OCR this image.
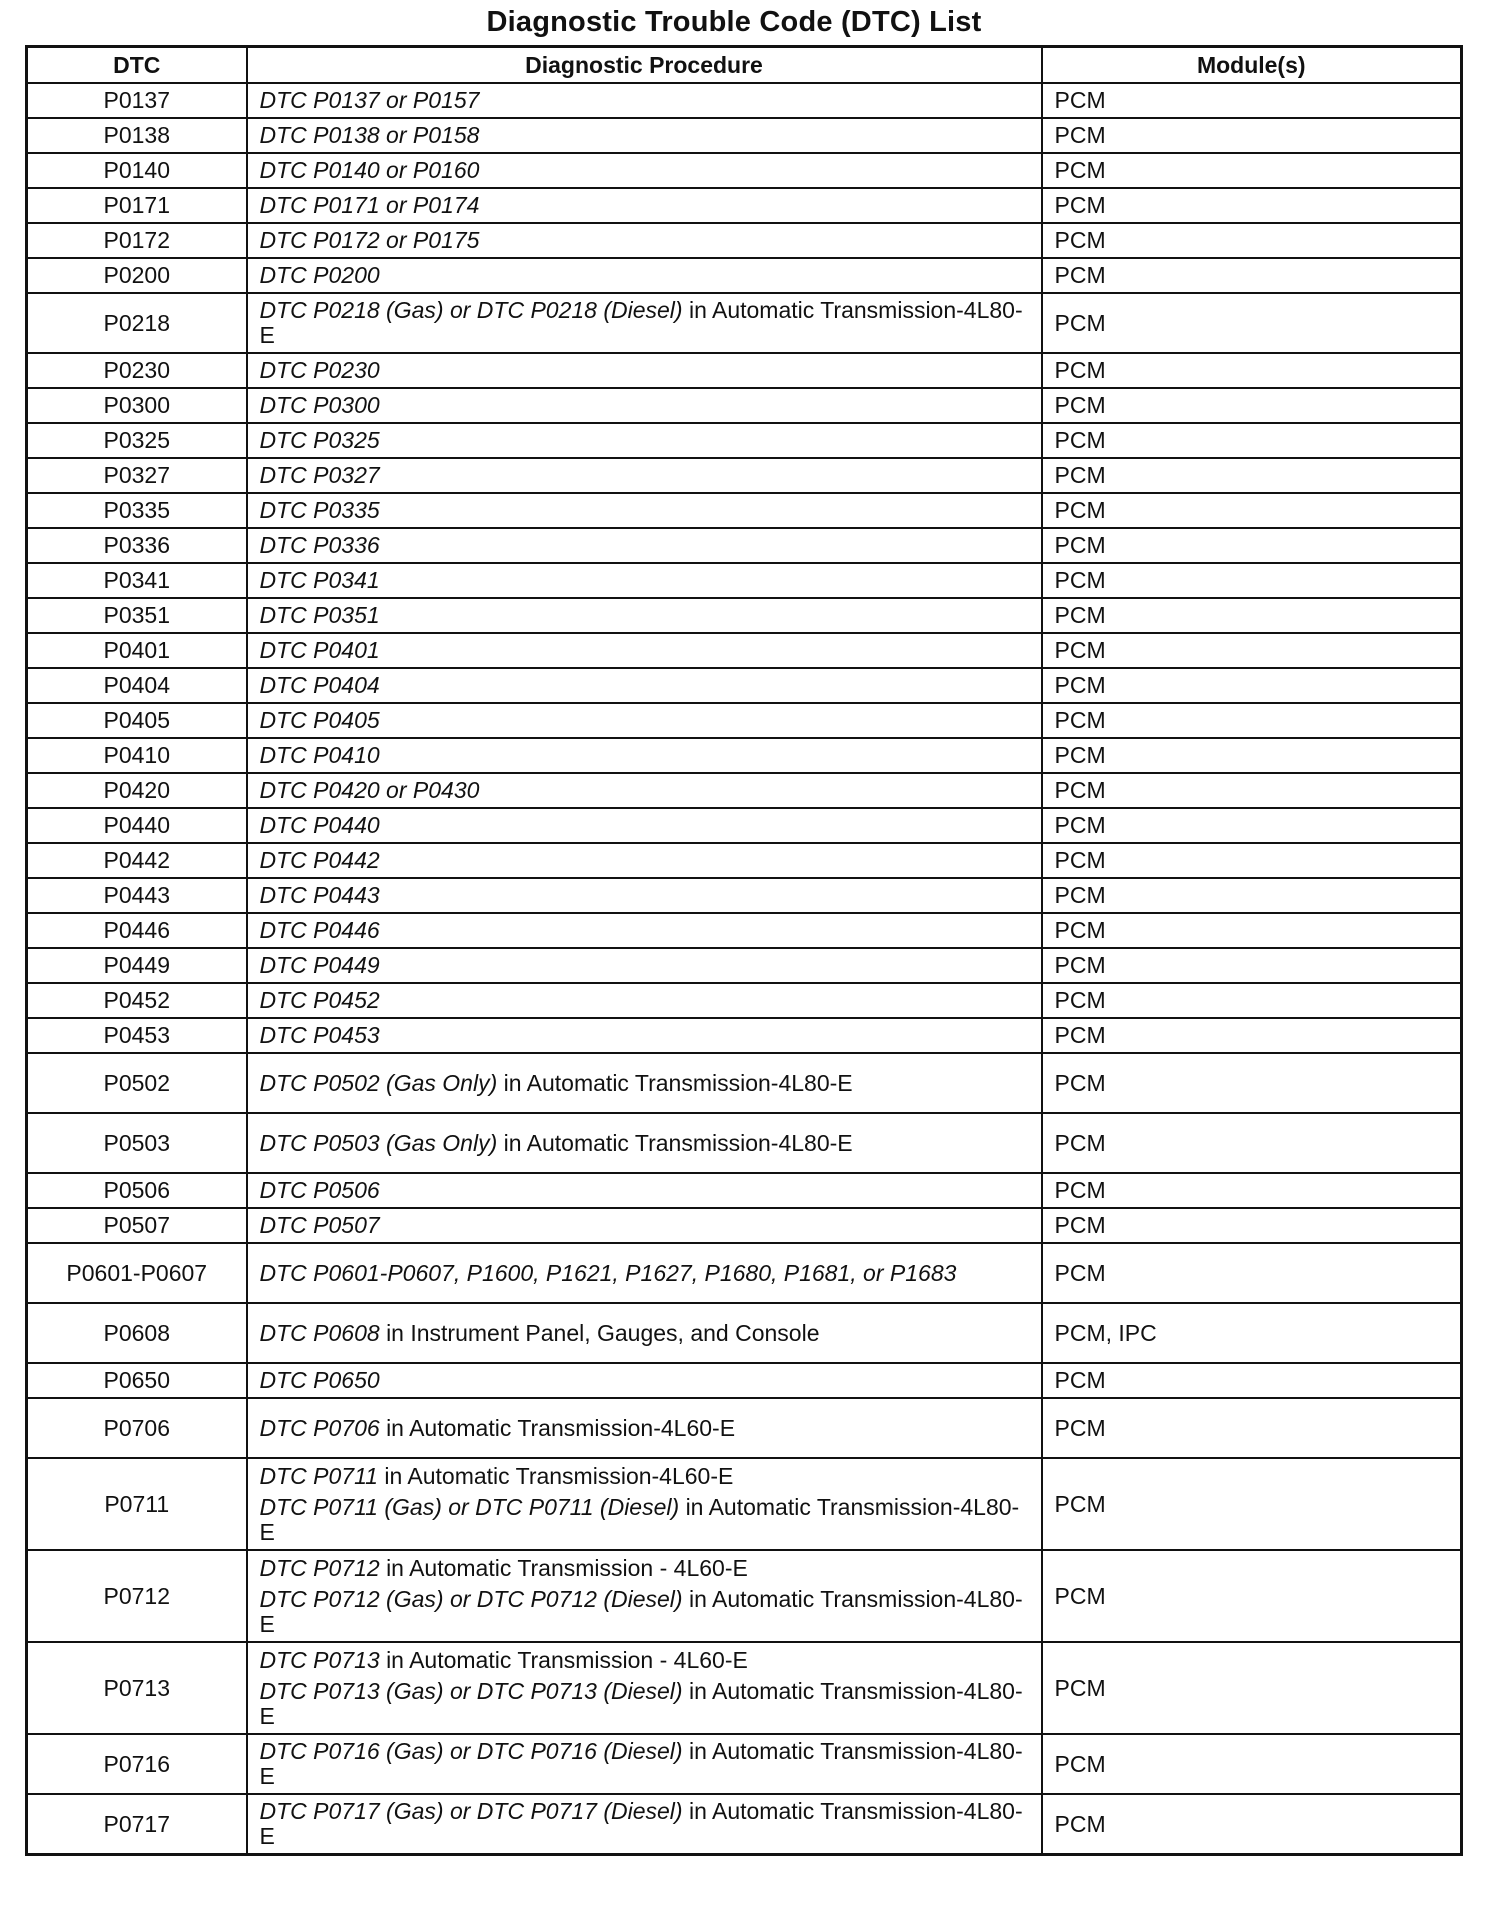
Diagnostic Trouble Code (DTC) List
DTC	Diagnostic Procedure	Module(s)
P0137	DTC P0137 or P0157	PCM
P0138	DTC P0138 or P0158	PCM
P0140	DTC P0140 or P0160	PCM
P0171	DTC P0171 or P0174	PCM
P0172	DTC P0172 or P0175	PCM
P0200	DTC P0200	PCM
P0218	DTC P0218 (Gas) or DTC P0218 (Diesel) in Automatic Transmission-4L80-E	PCM
P0230	DTC P0230	PCM
P0300	DTC P0300	PCM
P0325	DTC P0325	PCM
P0327	DTC P0327	PCM
P0335	DTC P0335	PCM
P0336	DTC P0336	PCM
P0341	DTC P0341	PCM
P0351	DTC P0351	PCM
P0401	DTC P0401	PCM
P0404	DTC P0404	PCM
P0405	DTC P0405	PCM
P0410	DTC P0410	PCM
P0420	DTC P0420 or P0430	PCM
P0440	DTC P0440	PCM
P0442	DTC P0442	PCM
P0443	DTC P0443	PCM
P0446	DTC P0446	PCM
P0449	DTC P0449	PCM
P0452	DTC P0452	PCM
P0453	DTC P0453	PCM
P0502	DTC P0502 (Gas Only) in Automatic Transmission-4L80-E	PCM
P0503	DTC P0503 (Gas Only) in Automatic Transmission-4L80-E	PCM
P0506	DTC P0506	PCM
P0507	DTC P0507	PCM
P0601-P0607	DTC P0601-P0607, P1600, P1621, P1627, P1680, P1681, or P1683	PCM
P0608	DTC P0608 in Instrument Panel, Gauges, and Console	PCM, IPC
P0650	DTC P0650	PCM
P0706	DTC P0706 in Automatic Transmission-4L60-E	PCM
P0711	DTC P0711 in Automatic Transmission-4L60-E
DTC P0711 (Gas) or DTC P0711 (Diesel) in Automatic Transmission-4L80-E	PCM
P0712	DTC P0712 in Automatic Transmission - 4L60-E
DTC P0712 (Gas) or DTC P0712 (Diesel) in Automatic Transmission-4L80-E	PCM
P0713	DTC P0713 in Automatic Transmission - 4L60-E
DTC P0713 (Gas) or DTC P0713 (Diesel) in Automatic Transmission-4L80-E	PCM
P0716	DTC P0716 (Gas) or DTC P0716 (Diesel) in Automatic Transmission-4L80-E	PCM
P0717	DTC P0717 (Gas) or DTC P0717 (Diesel) in Automatic Transmission-4L80-E	PCM
